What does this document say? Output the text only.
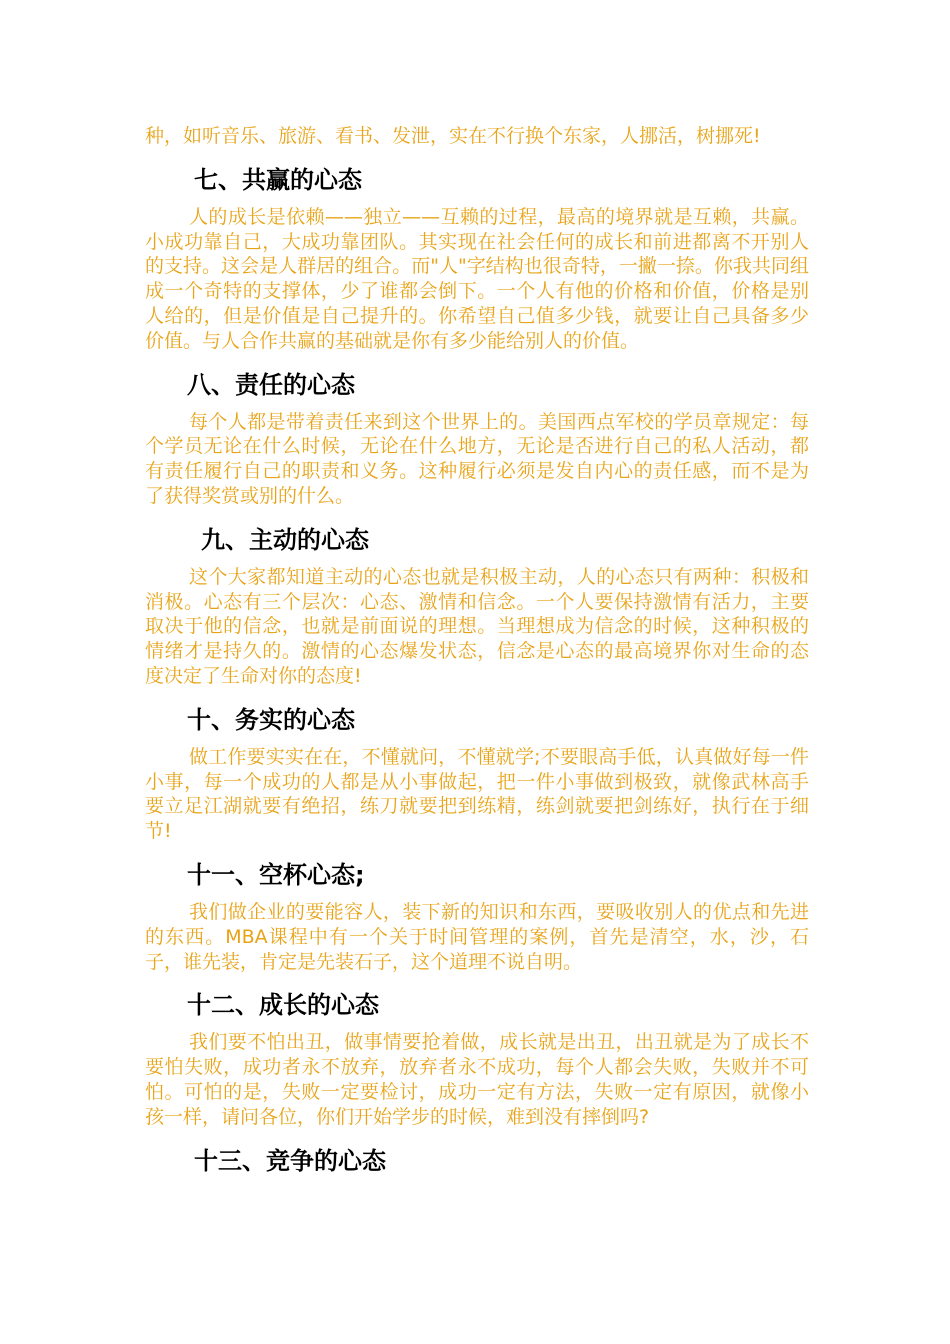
种，如听音乐、旅游、看书、发泄，实在不行换个东家，人挪活，树挪死!

七、共赢的心态

人的成长是依赖——独立——互赖的过程，最高的境界就是互赖，共赢。小成功靠自己，大成功靠团队。其实现在社会任何的成长和前进都离不开别人的支持。这会是人群居的组合。而"人"字结构也很奇特，一撇一捺。你我共同组成一个奇特的支撑体，少了谁都会倒下。一个人有他的价格和价值，价格是别人给的，但是价值是自己提升的。你希望自己值多少钱，就要让自己具备多少价值。与人合作共赢的基础就是你有多少能给别人的价值。

八、责任的心态

每个人都是带着责任来到这个世界上的。美国西点军校的学员章规定：每个学员无论在什么时候，无论在什么地方，无论是否进行自己的私人活动，都有责任履行自己的职责和义务。这种履行必须是发自内心的责任感，而不是为了获得奖赏或别的什么。

九、主动的心态

这个大家都知道主动的心态也就是积极主动，人的心态只有两种：积极和消极。心态有三个层次：心态、激情和信念。一个人要保持激情有活力，主要取决于他的信念，也就是前面说的理想。当理想成为信念的时候，这种积极的情绪才是持久的。激情的心态爆发状态，信念是心态的最高境界你对生命的态度决定了生命对你的态度!

十、务实的心态

做工作要实实在在，不懂就问，不懂就学;不要眼高手低，认真做好每一件小事，每一个成功的人都是从小事做起，把一件小事做到极致，就像武林高手要立足江湖就要有绝招，练刀就要把到练精，练剑就要把剑练好，执行在于细节!

十一、空杯心态;

我们做企业的要能容人，装下新的知识和东西，要吸收别人的优点和先进的东西。MBA课程中有一个关于时间管理的案例，首先是清空，水，沙，石子，谁先装，肯定是先装石子，这个道理不说自明。

十二、成长的心态

我们要不怕出丑，做事情要抢着做，成长就是出丑，出丑就是为了成长不要怕失败，成功者永不放弃，放弃者永不成功，每个人都会失败，失败并不可怕。可怕的是，失败一定要检讨，成功一定有方法，失败一定有原因，就像小孩一样，请问各位，你们开始学步的时候，难到没有摔倒吗?

十三、竞争的心态
